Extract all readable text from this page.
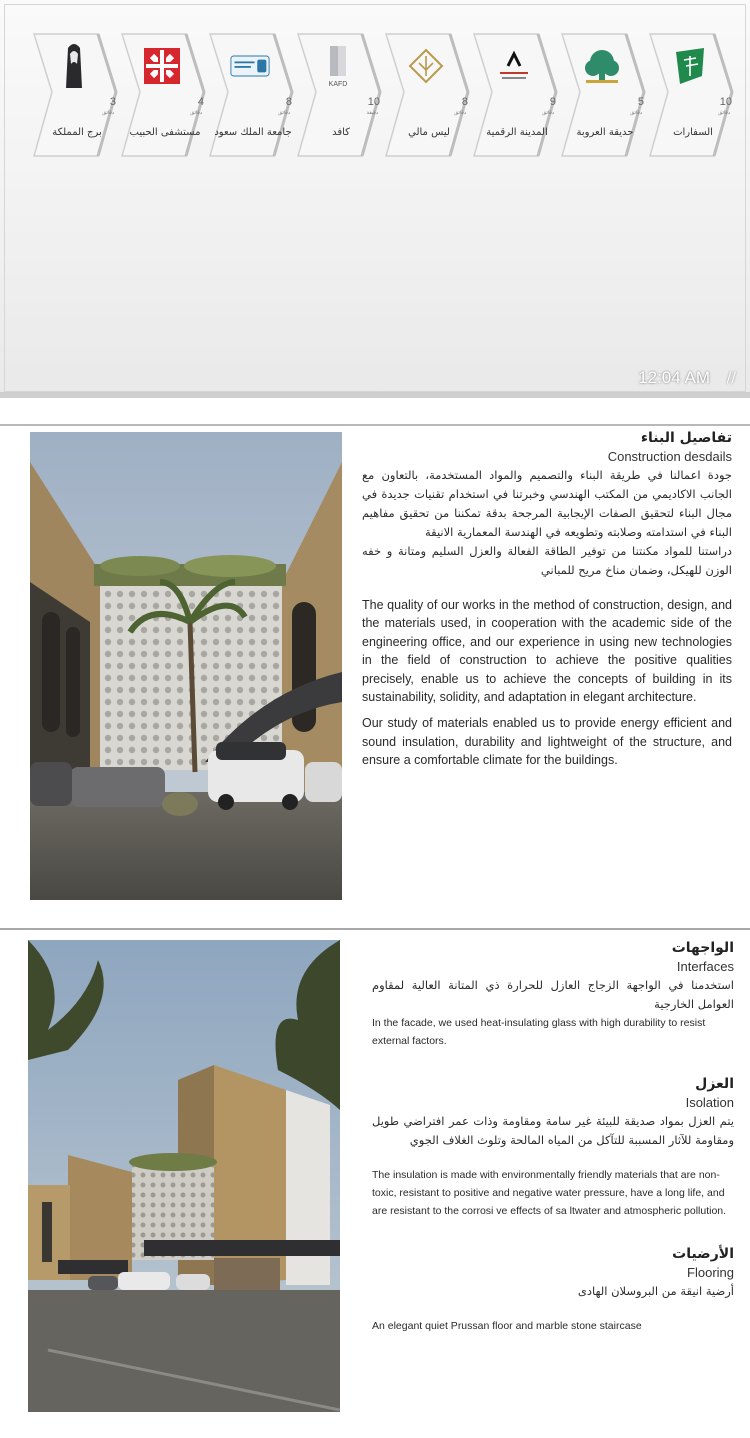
10
دقائق
السفارات
5
دقائق
حديقة العروبة
9
دقائق
المدينة الرقمية
8
دقائق
ليس مالي
KAFD
10
دقيقة
كافد
8
دقائق
جامعة الملك سعود
4
دقائق
مستشفى الحبيب
3
دقائق
برج المملكة
12:04 AM //
تفاصيل البناء
Construction desdails
جودة اعمالنا في طريقة البناء والتصميم والمواد المستخدمة، بالتعاون مع الجانب الاكاديمي من المكتب الهندسي وخبرتنا في استخدام تقنيات جديدة في مجال البناء لتحقيق الصفات الإيجابية المرجحة بدقة تمكننا من تحقيق مفاهيم البناء في استدامته وصلابته وتطويعه في الهندسة المعمارية الانيقة
دراستنا للمواد مكنتنا من توفير الطاقة الفعالة والعزل السليم ومتانة و خفه الوزن للهيكل، وضمان مناخ مريح للمباني
The quality of our works in the method of construction, design, and the materials used, in cooperation with the academic side of the engineering office, and our experience in using new technologies in the field of construction to achieve the positive qualities precisely, enable us to achieve the concepts of building in its sustainability, solidity, and adaptation in elegant architecture.
Our study of materials enabled us to provide energy efficient and sound insulation, durability and lightweight of the structure, and ensure a comfortable climate for the buildings.
الواجهات
Interfaces
استخدمنا في الواجهة الزجاج العازل للحرارة ذي المتانة العالية لمقاوم العوامل الخارجية
In the facade, we used heat-insulating glass with high durability to resist external factors.
العزل
Isolation
يتم العزل بمواد صديقة للبيئة غير سامة ومقاومة وذات عمر افتراضي طويل ومقاومة للآثار المسببة للتآكل من المياه المالحة وتلوث الغلاف الجوي
The insulation is made with environmentally friendly materials that are non-toxic, resistant to positive and negative water pressure, have a long life, and are resistant to the corrosi ve effects of sa ltwater and atmospheric pollution.
الأرضيات
Flooring
أرضية انيقة من البروسلان الهادى
An elegant quiet Prussan floor and marble stone staircase
